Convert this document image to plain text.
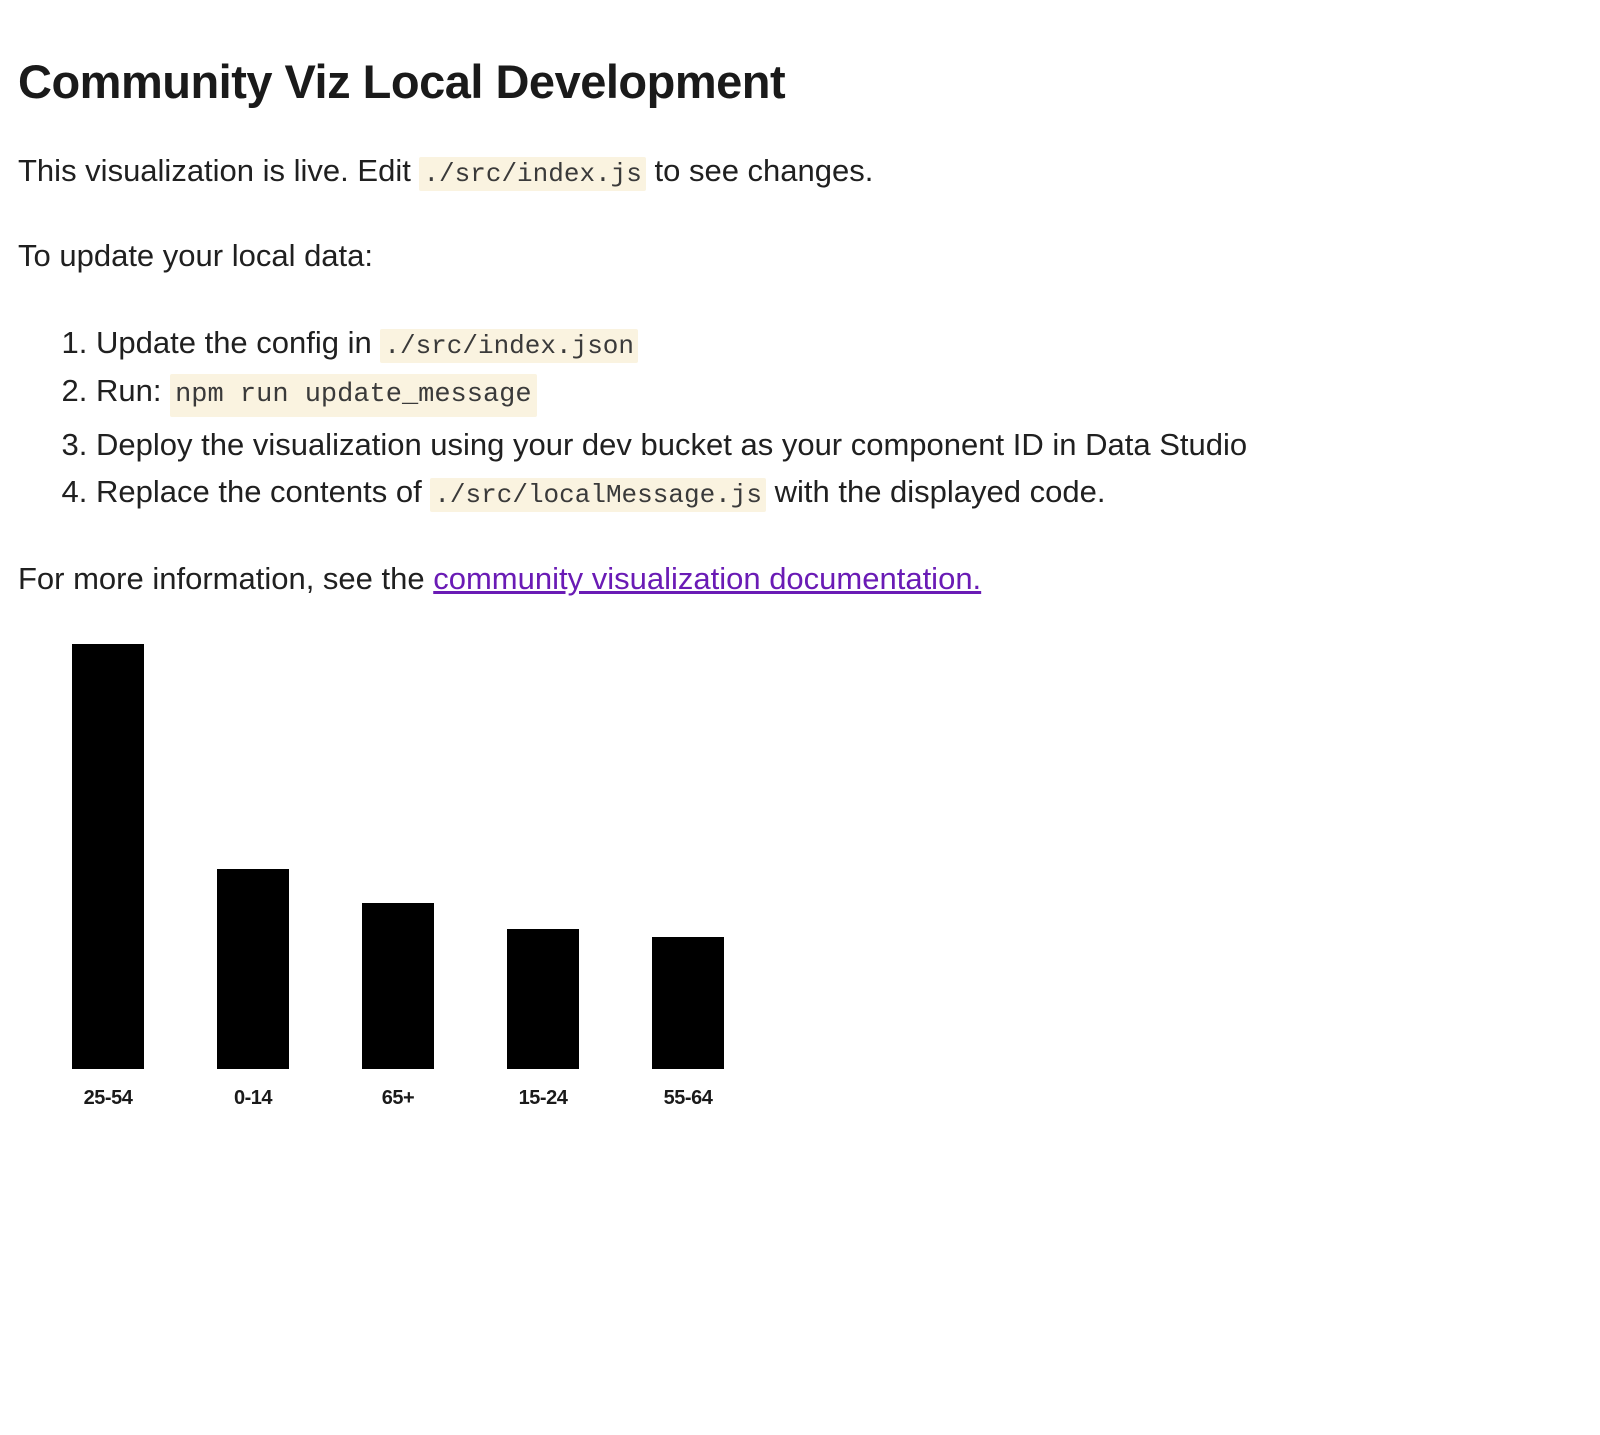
Community Viz Local Development

This visualization is live. Edit ./src/index.js to see changes.

To update your local data:

1. Update the config in ./src/index.json
2. Run: npm run update_message
3. Deploy the visualization using your dev bucket as your component ID in Data Studio
4. Replace the contents of ./src/localMessage.js with the displayed code.

For more information, see the community visualization documentation.

25-54	0-14	65+	15-24	55-64
